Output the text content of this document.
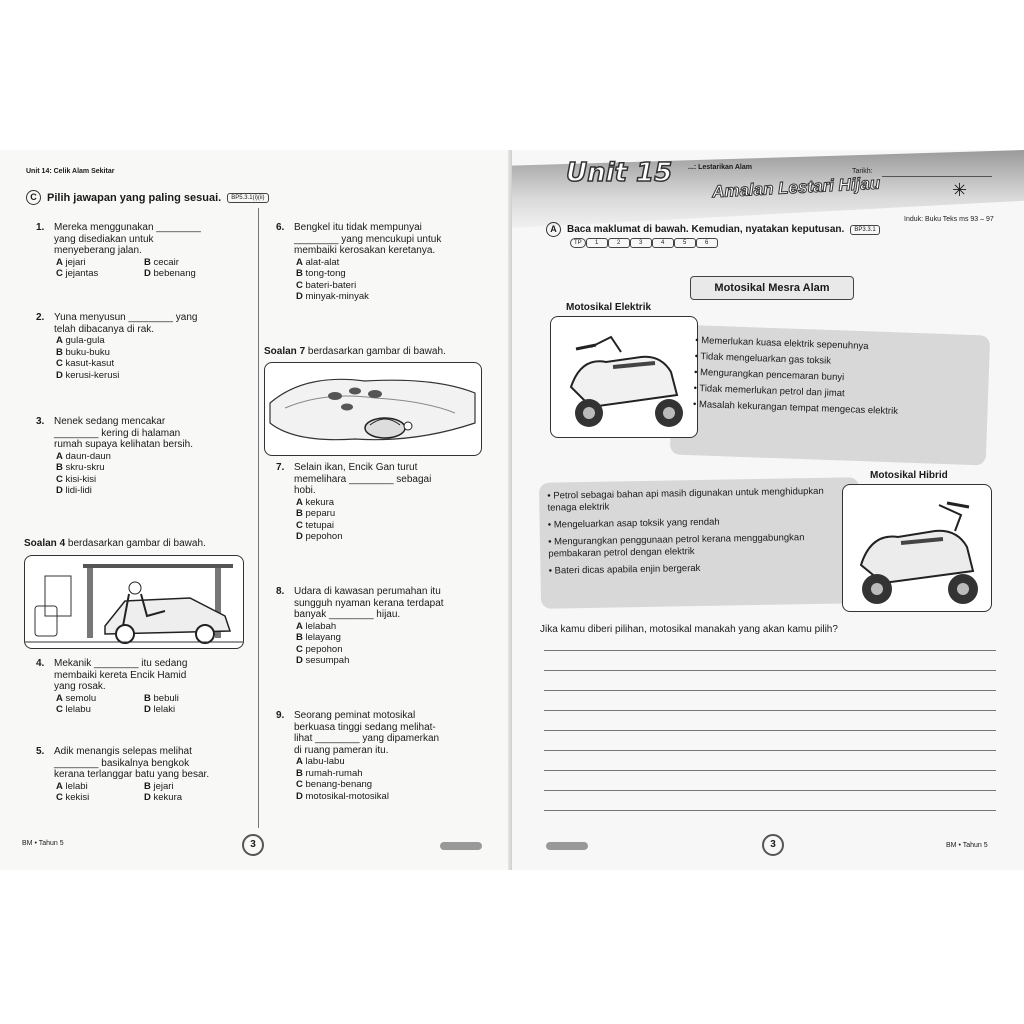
Unit 14: Celik Alam Sekitar
C Pilih jawapan yang paling sesuai.	BP5.3.1(i)(ii)
1. Mereka menggunakan ________
yang disediakan untuk
menyeberang jalan.
A jejari	B cecair
C jejantas	D bebenang
2. Yuna menyusun ________ yang
telah dibacanya di rak.
A gula-gula
B buku-buku
C kasut-kasut
D kerusi-kerusi
3. Nenek sedang mencakar
________ kering di halaman
rumah supaya kelihatan bersih.
A daun-daun
B skru-skru
C kisi-kisi
D lidi-lidi
Soalan 4 berdasarkan gambar di bawah.
4. Mekanik ________ itu sedang
membaiki kereta Encik Hamid
yang rosak.
A semolu	B bebuli
C lelabu	D lelaki
5. Adik menangis selepas melihat
________ basikalnya bengkok
kerana terlanggar batu yang besar.
A lelabi	B jejari
C kekisi	D kekura
6. Bengkel itu tidak mempunyai
________ yang mencukupi untuk
membaiki kerosakan keretanya.
A alat-alat
B tong-tong
C bateri-bateri
D minyak-minyak
Soalan 7 berdasarkan gambar di bawah.
7. Selain ikan, Encik Gan turut
memelihara ________ sebagai
hobi.
A kekura
B peparu
C tetupai
D pepohon
8. Udara di kawasan perumahan itu
sungguh nyaman kerana terdapat
banyak ________ hijau.
A lelabah
B lelayang
C pepohon
D sesumpah
9. Seorang peminat motosikal
berkuasa tinggi sedang melihat-
lihat ________ yang dipamerkan
di ruang pameran itu.
A labu-labu
B rumah-rumah
C benang-benang
D motosikal-motosikal
BM • Tahun 5	3
Unit 15 ...: Lestarikan Alam
Tarikh:
Amalan Lestari Hijau	✳
Induk: Buku Teks ms 93 – 97
A	Baca maklumat di bawah. Kemudian, nyatakan keputusan.	BP3.3.1
TP	1	2	3	4	5	6
Motosikal Mesra Alam
Motosikal Elektrik
• Memerlukan kuasa elektrik sepenuhnya
• Tidak mengeluarkan gas toksik
• Mengurangkan pencemaran bunyi
• Tidak memerlukan petrol dan jimat
• Masalah kekurangan tempat mengecas elektrik
Motosikal Hibrid
• Petrol sebagai bahan api masih digunakan untuk menghidupkan tenaga elektrik
• Mengeluarkan asap toksik yang rendah
• Mengurangkan penggunaan petrol kerana menggabungkan pembakaran petrol dengan elektrik
• Bateri dicas apabila enjin bergerak
Jika kamu diberi pilihan, motosikal manakah yang akan kamu pilih?
3	BM • Tahun 5
